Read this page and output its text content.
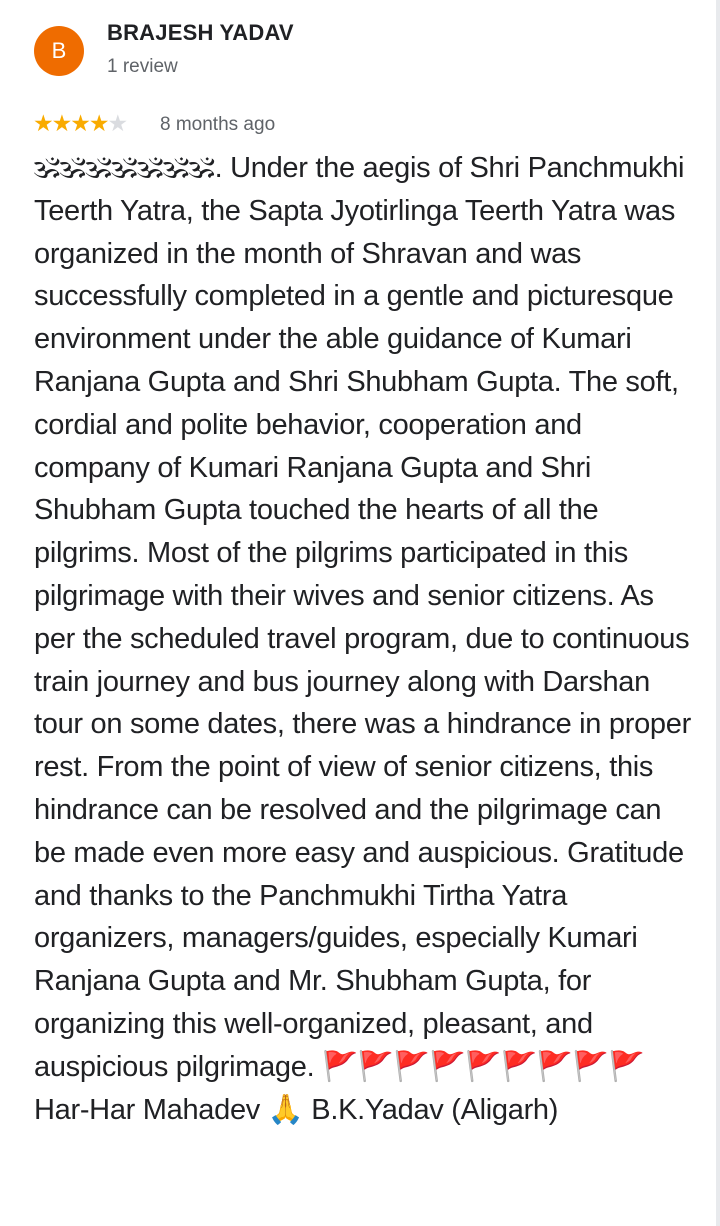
B
BRAJESH YADAV
1 review
★★★★★ 8 months ago

🕉🕉🕉🕉🕉🕉🕉. Under the aegis of Shri Panchmukhi Teerth Yatra, the Sapta Jyotirlinga Teerth Yatra was organized in the month of Shravan and was successfully completed in a gentle and picturesque environment under the able guidance of Kumari Ranjana Gupta and Shri Shubham Gupta. The soft, cordial and polite behavior, cooperation and company of Kumari Ranjana Gupta and Shri Shubham Gupta touched the hearts of all the pilgrims. Most of the pilgrims participated in this pilgrimage with their wives and senior citizens. As per the scheduled travel program, due to continuous train journey and bus journey along with Darshan tour on some dates, there was a hindrance in proper rest. From the point of view of senior citizens, this hindrance can be resolved and the pilgrimage can be made even more easy and auspicious. Gratitude and thanks to the Panchmukhi Tirtha Yatra organizers, managers/guides, especially Kumari Ranjana Gupta and Mr. Shubham Gupta, for organizing this well-organized, pleasant, and auspicious pilgrimage. 🚩🚩🚩🚩🚩🚩🚩🚩🚩 Har-Har Mahadev 🙏 B.K.Yadav (Aligarh)
